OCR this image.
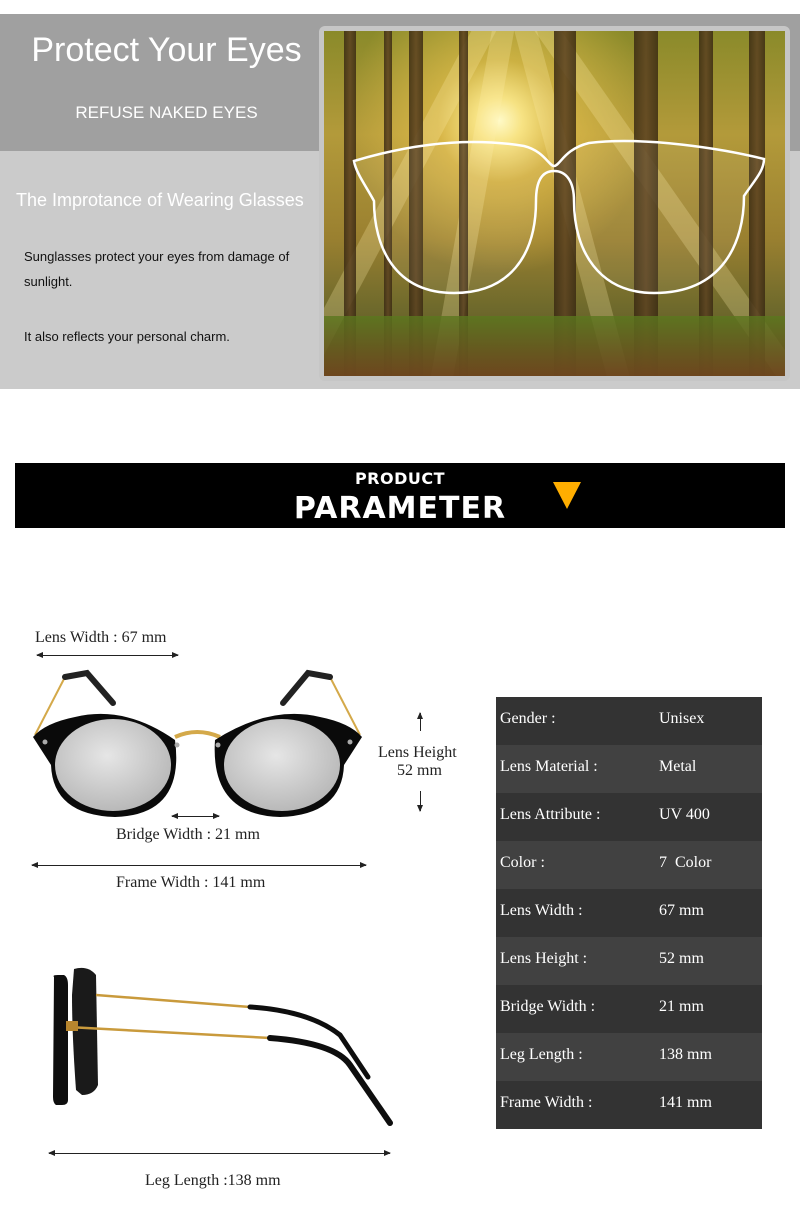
Protect Your Eyes
REFUSE NAKED EYES
The Improtance of Wearing Glasses
Sunglasses protect your eyes from damage of sunlight.
It also reflects your personal charm.
PRODUCT
PARAMETER
Lens Width : 67 mm
Lens Height
52 mm
Bridge Width : 21 mm
Frame Width : 141 mm
Leg Length :138 mm
Gender :	Unisex
Lens Material :	Metal
Lens Attribute :	UV 400
Color :	7  Color
Lens Width :	67 mm
Lens Height :	52 mm
Bridge Width :	21 mm
Leg Length :	138 mm
Frame Width :	141 mm
